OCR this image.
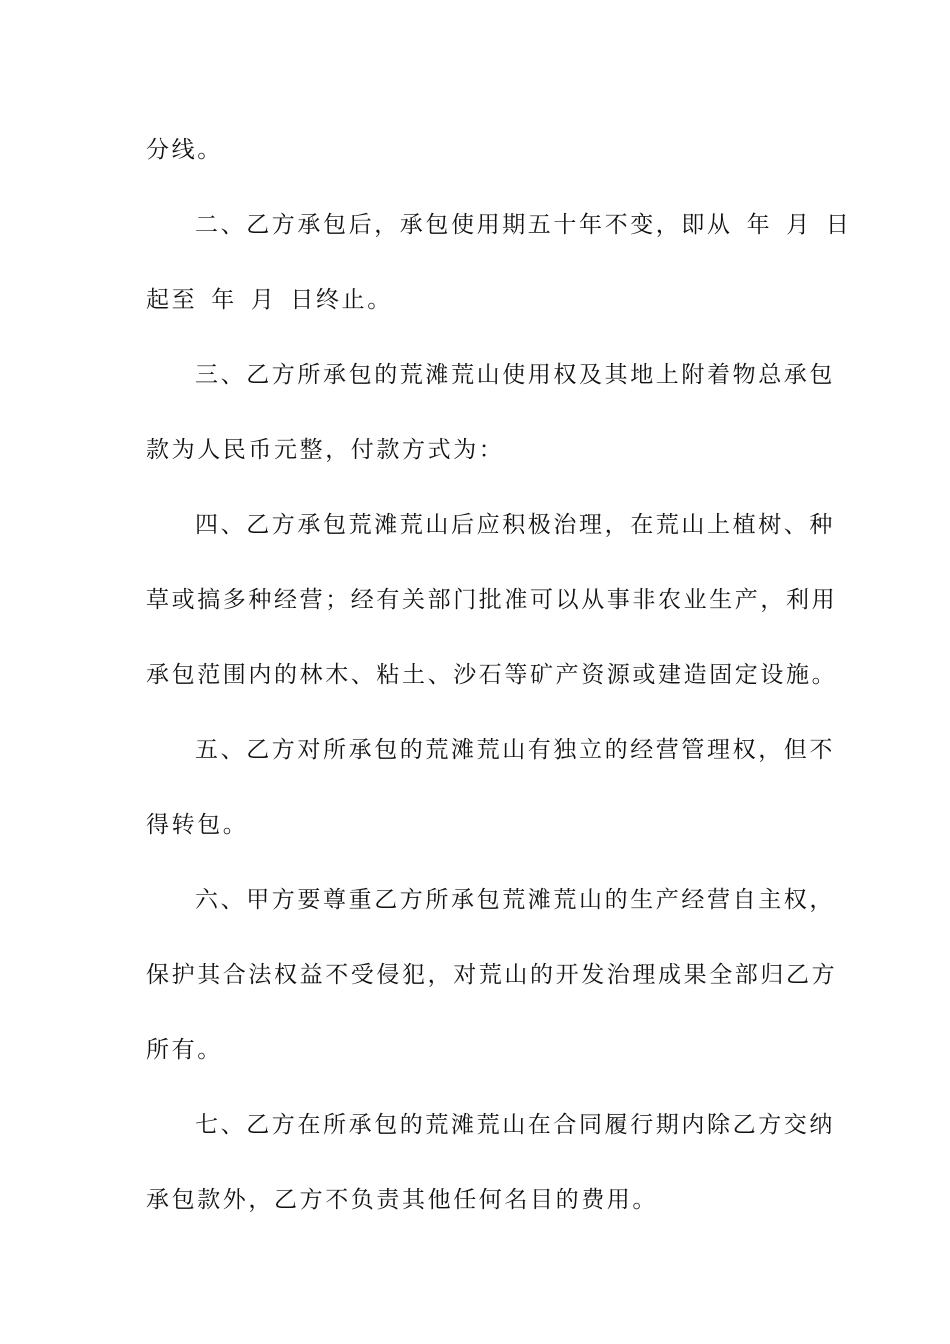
分线。
二、乙方承包后，承包使用期五十年不变，即从 年 月 日
起至 年 月 日终止。
三、乙方所承包的荒滩荒山使用权及其地上附着物总承包
款为人民币元整，付款方式为：
四、乙方承包荒滩荒山后应积极治理，在荒山上植树、种
草或搞多种经营；经有关部门批准可以从事非农业生产，利用
承包范围内的林木、粘土、沙石等矿产资源或建造固定设施。
五、乙方对所承包的荒滩荒山有独立的经营管理权，但不
得转包。
六、甲方要尊重乙方所承包荒滩荒山的生产经营自主权，
保护其合法权益不受侵犯，对荒山的开发治理成果全部归乙方
所有。
七、乙方在所承包的荒滩荒山在合同履行期内除乙方交纳
承包款外，乙方不负责其他任何名目的费用。
